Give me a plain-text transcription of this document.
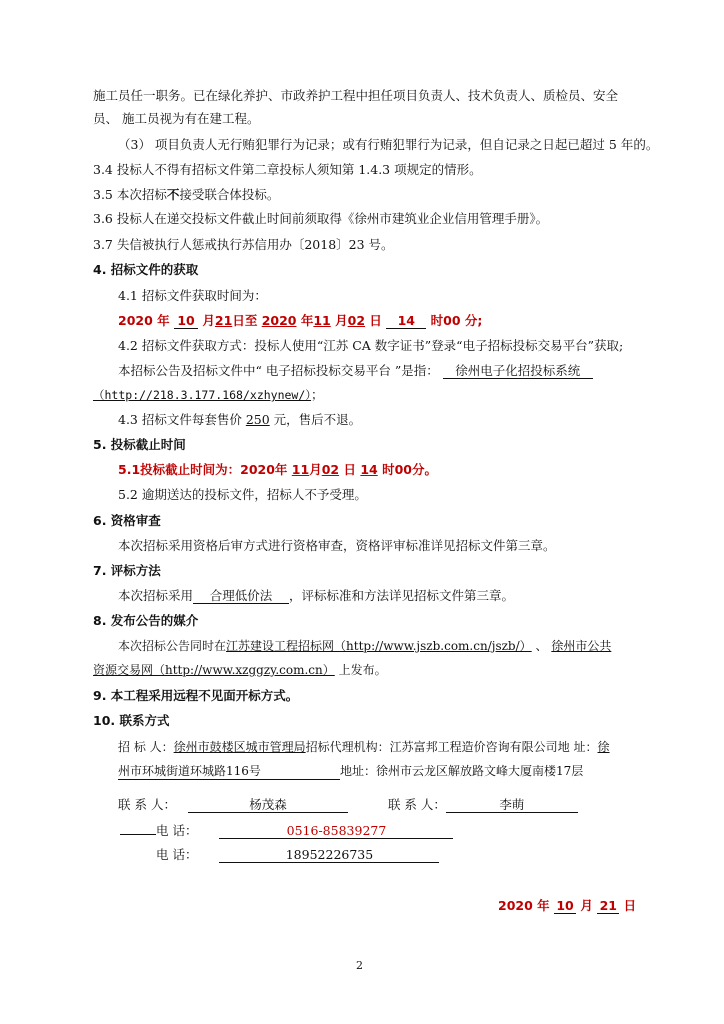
施工员任一职务。已在绿化养护、市政养护工程中担任项目负责人、技术负责人、质检员、安全
员、 施工员视为有在建工程。
（3） 项目负责人无行贿犯罪行为记录；或有行贿犯罪行为记录，但自记录之日起已超过 5 年的。
3.4 投标人不得有招标文件第二章投标人须知第 1.4.3 项规定的情形。
3.5 本次招标不接受联合体投标。
3.6 投标人在递交投标文件截止时间前须取得《徐州市建筑业企业信用管理手册》。
3.7 失信被执行人惩戒执行苏信用办〔2018〕23 号。
4. 招标文件的获取
4.1 招标文件获取时间为：
2020 年 10 月21日至 2020 年11 月02 日 14 时00 分;
4.2 招标文件获取方式：投标人使用“江苏 CA 数字证书”登录“电子招标投标交易平台”获取;
本招标公告及招标文件中“ 电子招标投标交易平台 ”是指： 徐州电子化招投标系统
（http://218.3.177.168/xzhynew/）；
4.3 招标文件每套售价 250 元，售后不退。
5. 投标截止时间
5.1投标截止时间为：2020年 11月02 日 14 时00分。
5.2 逾期送达的投标文件，招标人不予受理。
6. 资格审查
本次招标采用资格后审方式进行资格审查，资格评审标准详见招标文件第三章。
7. 评标方法
本次招标采用 合理低价法 ，评标标准和方法详见招标文件第三章。
8. 发布公告的媒介
本次招标公告同时在江苏建设工程招标网（http://www.jszb.com.cn/jszb/） 、 徐州市公共
资源交易网（http://www.xzggzy.com.cn） 上发布。
9. 本工程采用远程不见面开标方式。
10. 联系方式
招 标 人：徐州市鼓楼区城市管理局招标代理机构：江苏富邦工程造价咨询有限公司地 址：徐
州市环城街道环城路116号	地址：徐州市云龙区解放路文峰大厦南楼17层
联 系 人：	杨茂森	联 系 人：	李萌
电 话：	0516-85839277
电 话：	18952226735
2020 年 10 月 21 日
2
